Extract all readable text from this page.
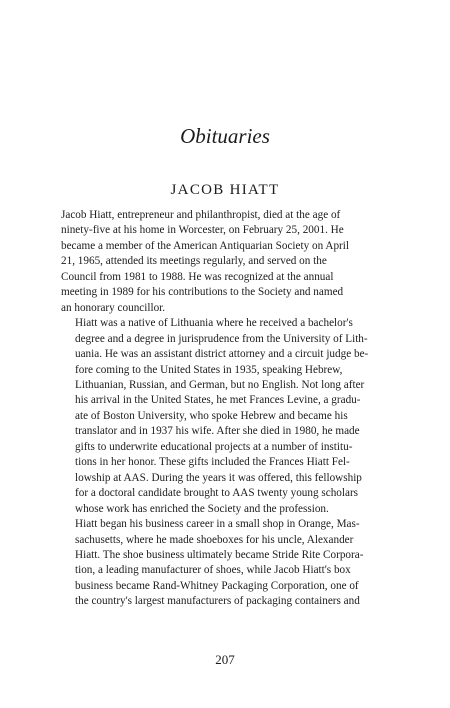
Obituaries
JACOB HIATT
Jacob Hiatt, entrepreneur and philanthropist, died at the age of
ninety-five at his home in Worcester, on February 25, 2001. He
became a member of the American Antiquarian Society on April
21, 1965, attended its meetings regularly, and served on the
Council from 1981 to 1988. He was recognized at the annual
meeting in 1989 for his contributions to the Society and named
an honorary councillor.
Hiatt was a native of Lithuania where he received a bachelor's
degree and a degree in jurisprudence from the University of Lith-
uania. He was an assistant district attorney and a circuit judge be-
fore coming to the United States in 1935, speaking Hebrew,
Lithuanian, Russian, and German, but no English. Not long after
his arrival in the United States, he met Frances Levine, a gradu-
ate of Boston University, who spoke Hebrew and became his
translator and in 1937 his wife. After she died in 1980, he made
gifts to underwrite educational projects at a number of institu-
tions in her honor. These gifts included the Frances Hiatt Fel-
lowship at AAS. During the years it was offered, this fellowship
for a doctoral candidate brought to AAS twenty young scholars
whose work has enriched the Society and the profession.
Hiatt began his business career in a small shop in Orange, Mas-
sachusetts, where he made shoeboxes for his uncle, Alexander
Hiatt. The shoe business ultimately became Stride Rite Corpora-
tion, a leading manufacturer of shoes, while Jacob Hiatt's box
business became Rand-Whitney Packaging Corporation, one of
the country's largest manufacturers of packaging containers and
207
